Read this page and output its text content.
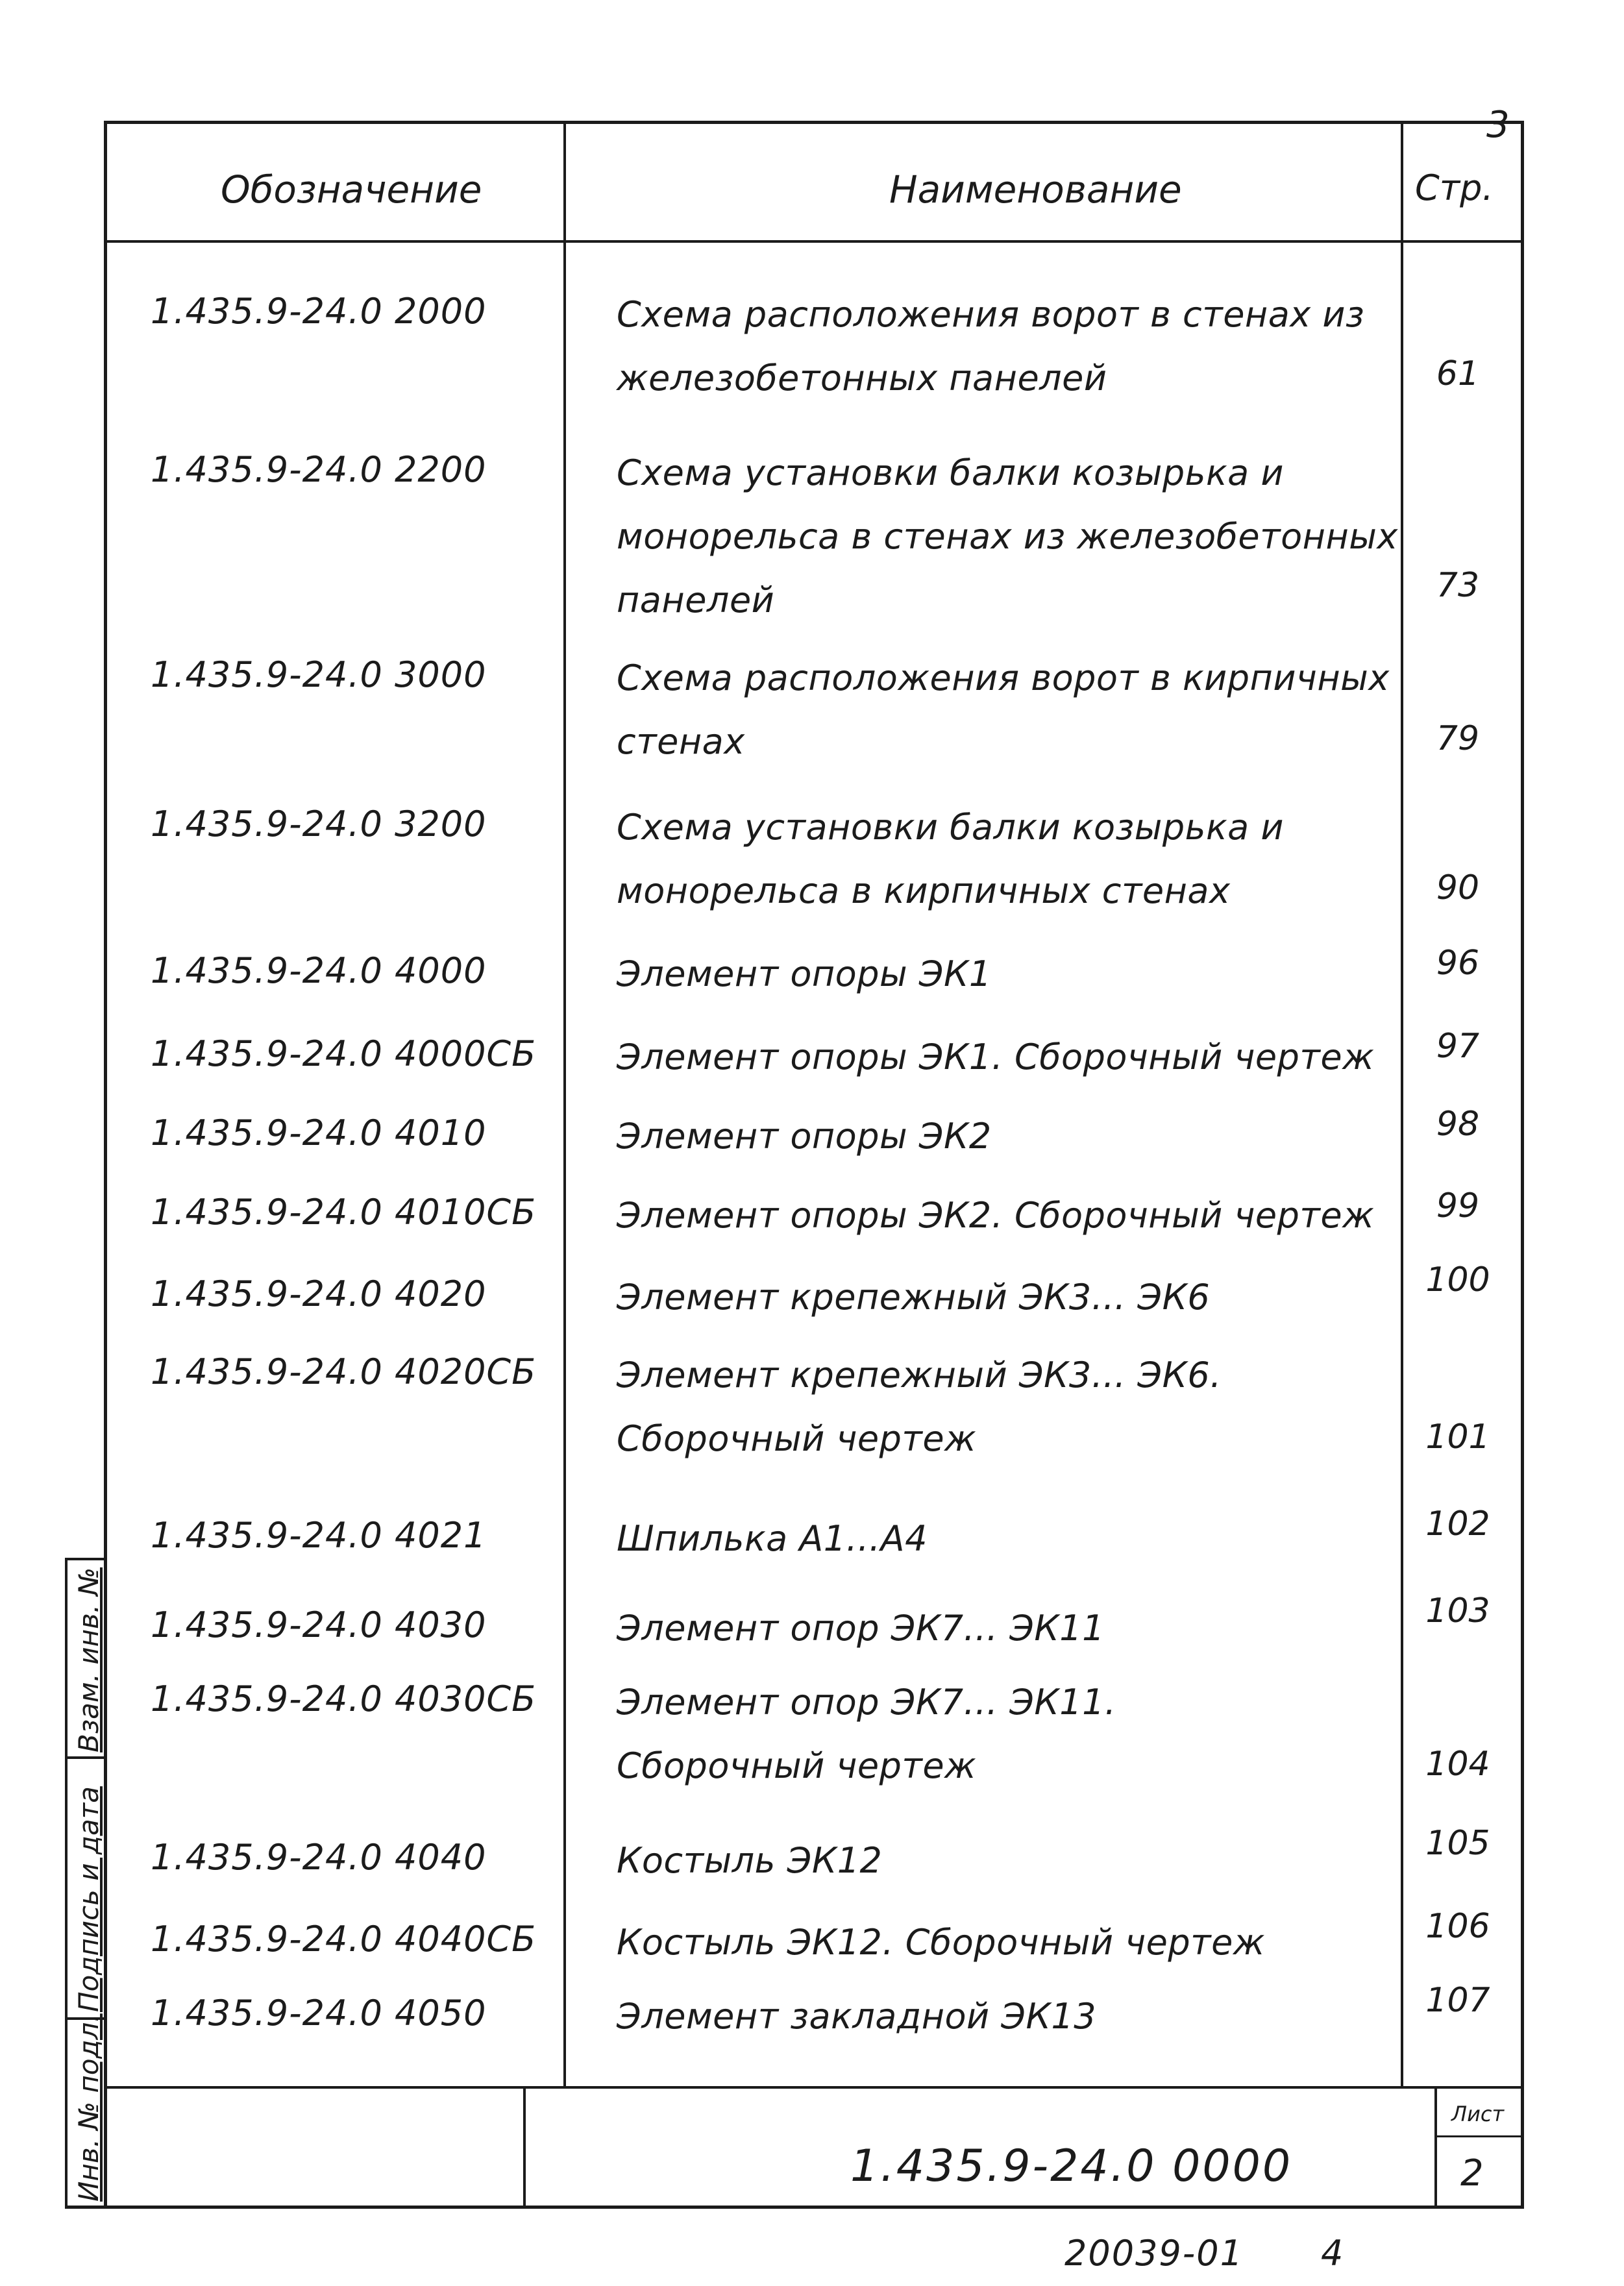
3
Обозначение	Наименование	Стр.
1.435.9-24.0 2000	Схема расположения ворот в стенах из железобетонных панелей	61
1.435.9-24.0 2200	Схема установки балки козырька и монорельса в стенах из железобетонных панелей	73
1.435.9-24.0 3000	Схема расположения ворот в кирпичных стенах	79
1.435.9-24.0 3200	Схема установки балки козырька и монорельса в кирпичных стенах	90
1.435.9-24.0 4000	Элемент опоры ЭК1	96
1.435.9-24.0 4000СБ	Элемент опоры ЭК1. Сборочный чертеж	97
1.435.9-24.0 4010	Элемент опоры ЭК2	98
1.435.9-24.0 4010СБ	Элемент опоры ЭК2. Сборочный чертеж	99
1.435.9-24.0 4020	Элемент крепежный ЭК3... ЭК6	100
1.435.9-24.0 4020СБ	Элемент крепежный ЭК3... ЭК6. Сборочный чертеж	101
1.435.9-24.0 4021	Шпилька А1...А4	102
1.435.9-24.0 4030	Элемент опор ЭК7... ЭК11	103
1.435.9-24.0 4030СБ	Элемент опор ЭК7... ЭК11. Сборочный чертеж	104
1.435.9-24.0 4040	Костыль ЭК12	105
1.435.9-24.0 4040СБ	Костыль ЭК12. Сборочный чертеж	106
1.435.9-24.0 4050	Элемент закладной ЭК13	107
1.435.9-24.0 0000
Лист
2
Инв. № подл.
Подпись и дата
Взам. инв. №
20039-01 4
